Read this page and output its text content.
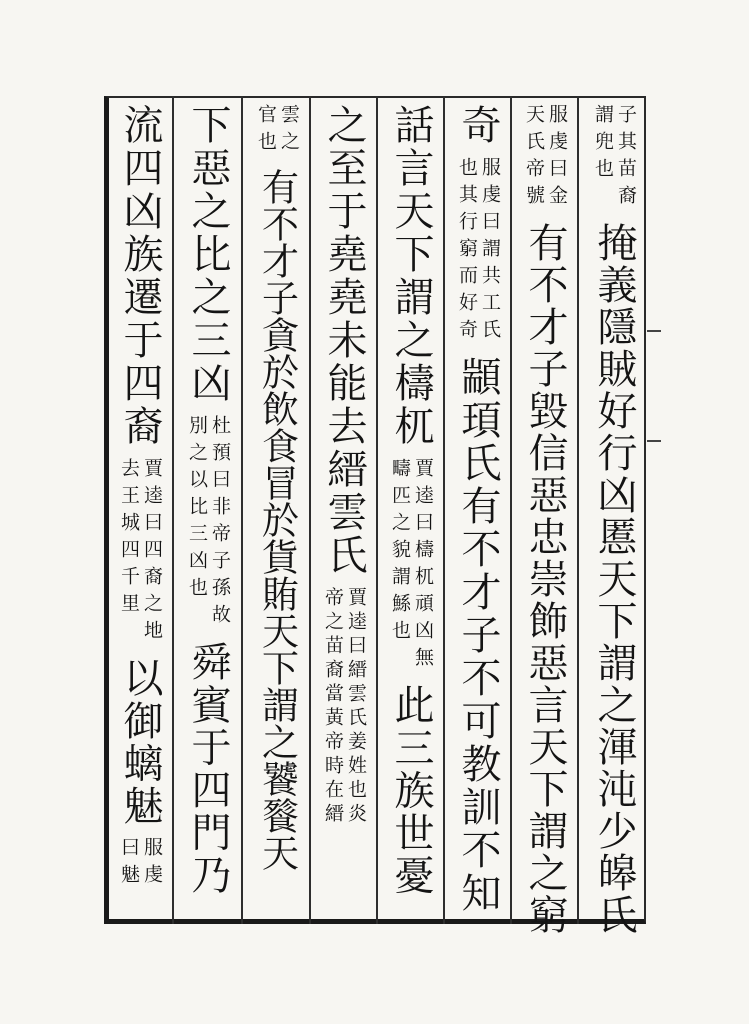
子其苗裔
謂兜也
掩義隱賊好行凶慝天下謂之渾沌少皞氏
服虔曰金
天氏帝號
有不才子毀信惡忠崇飾惡言天下謂之窮
奇
服虔曰謂共工氏
也其行窮而好奇
顓頊氏有不才子不可教訓不知
話言天下謂之檮杌
賈逵曰檮杌頑凶無
疇匹之貌謂鯀也
此三族世憂
之至于堯堯未能去縉雲氏
賈逵曰縉雲氏姜姓也炎
帝之苗裔當黃帝時在縉
雲之
官也
有不才子貪於飲食冒於貨賄天下謂之饕餮天
下惡之比之三凶
杜預曰非帝子孫故
別之以比三凶也
舜賓于四門乃
流四凶族遷于四裔
賈逵曰四裔之地
去王城四千里
以御螭魅
服虔
曰魅
